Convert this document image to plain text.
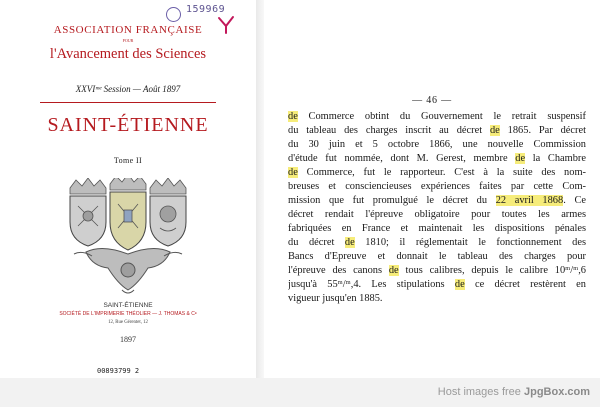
159969
ASSOCIATION FRANÇAISE
POUR
l'Avancement des Sciences
XXVIᵐᵉ Session — Août 1897
SAINT-ÉTIENNE
Tome II
SAINT-ÉTIENNE
SOCIÉTÉ DE L'IMPRIMERIE THÉOLIER — J. THOMAS & Cᵉ
12, Rue Gérentet, 12
1897
00893799 2
— 46 —
de Commerce obtint du Gouvernement le retrait suspensif
du tableau des charges inscrit au décret de 1865. Par décret
du 30 juin et 5 octobre 1866, une nouvelle Commission
d'étude fut nommée, dont M. Gerest, membre de la Chambre
de Commerce, fut le rapporteur. C'est à la suite des nom-
breuses et consciencieuses expériences faites par cette Com-
mission que fut promulgué le décret du 22 avril 1868. Ce
décret rendait l'épreuve obligatoire pour toutes les armes
fabriquées en France et maintenait les dispositions pénales
du décret de 1810; il réglementait le fonctionnement des
Bancs d'Epreuve et donnait le tableau des charges pour
l'épreuve des canons de tous calibres, depuis le calibre 10ᵐ/ᵐ,6
jusqu'à 55ᵐ/ᵐ,4. Les stipulations de ce décret restèrent en
vigueur jusqu'en 1885.
Host images free JpgBox.com
